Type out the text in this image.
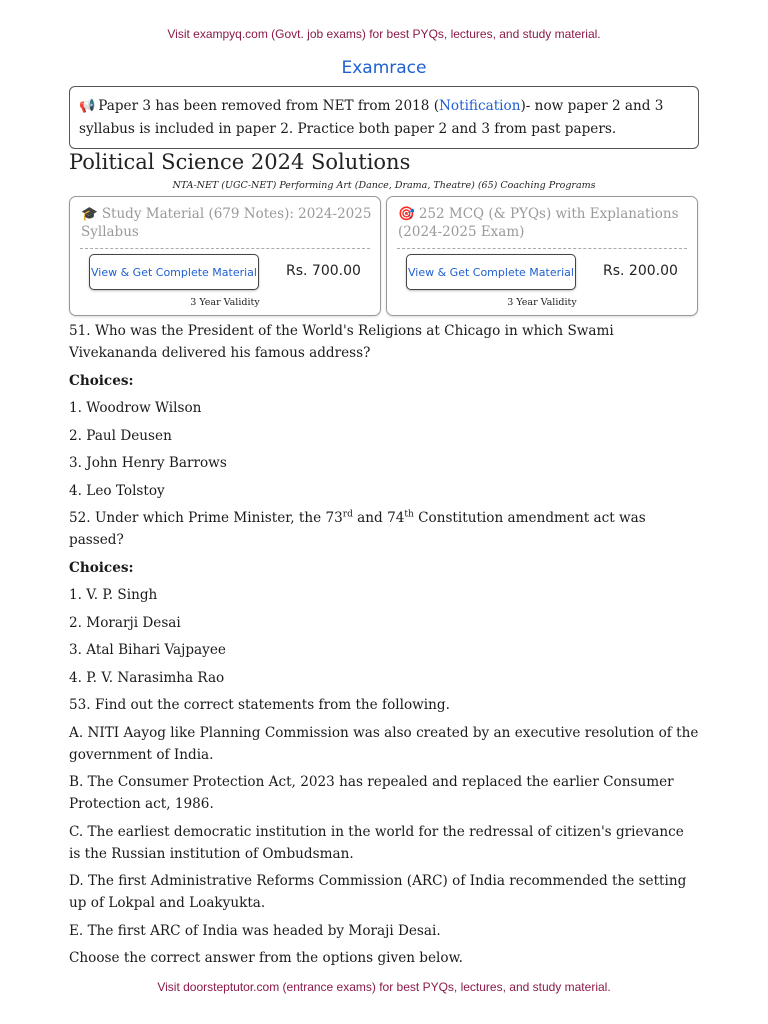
Visit exampyq.com (Govt. job exams) for best PYQs, lectures, and study material.
Examrace
📢 Paper 3 has been removed from NET from 2018 (Notification)- now paper 2 and 3 syllabus is included in paper 2. Practice both paper 2 and 3 from past papers.
Political Science 2024 Solutions
NTA-NET (UGC-NET) Performing Art (Dance, Drama, Theatre) (65) Coaching Programs
🎓 Study Material (679 Notes): 2024-2025 Syllabus
View & Get Complete Material Rs. 700.00
3 Year Validity
🎯 252 MCQ (& PYQs) with Explanations (2024-2025 Exam)
View & Get Complete Material Rs. 200.00
3 Year Validity

51. Who was the President of the World's Religions at Chicago in which Swami Vivekananda delivered his famous address?

Choices:

1. Woodrow Wilson

2. Paul Deusen

3. John Henry Barrows

4. Leo Tolstoy

52. Under which Prime Minister, the 73rd and 74th Constitution amendment act was passed?

Choices:

1. V. P. Singh

2. Morarji Desai

3. Atal Bihari Vajpayee

4. P. V. Narasimha Rao

53. Find out the correct statements from the following.

A. NITI Aayog like Planning Commission was also created by an executive resolution of the government of India.

B. The Consumer Protection Act, 2023 has repealed and replaced the earlier Consumer Protection act, 1986.

C. The earliest democratic institution in the world for the redressal of citizen's grievance is the Russian institution of Ombudsman.

D. The first Administrative Reforms Commission (ARC) of India recommended the setting up of Lokpal and Loakyukta.

E. The first ARC of India was headed by Moraji Desai.

Choose the correct answer from the options given below.

Visit doorsteptutor.com (entrance exams) for best PYQs, lectures, and study material.
